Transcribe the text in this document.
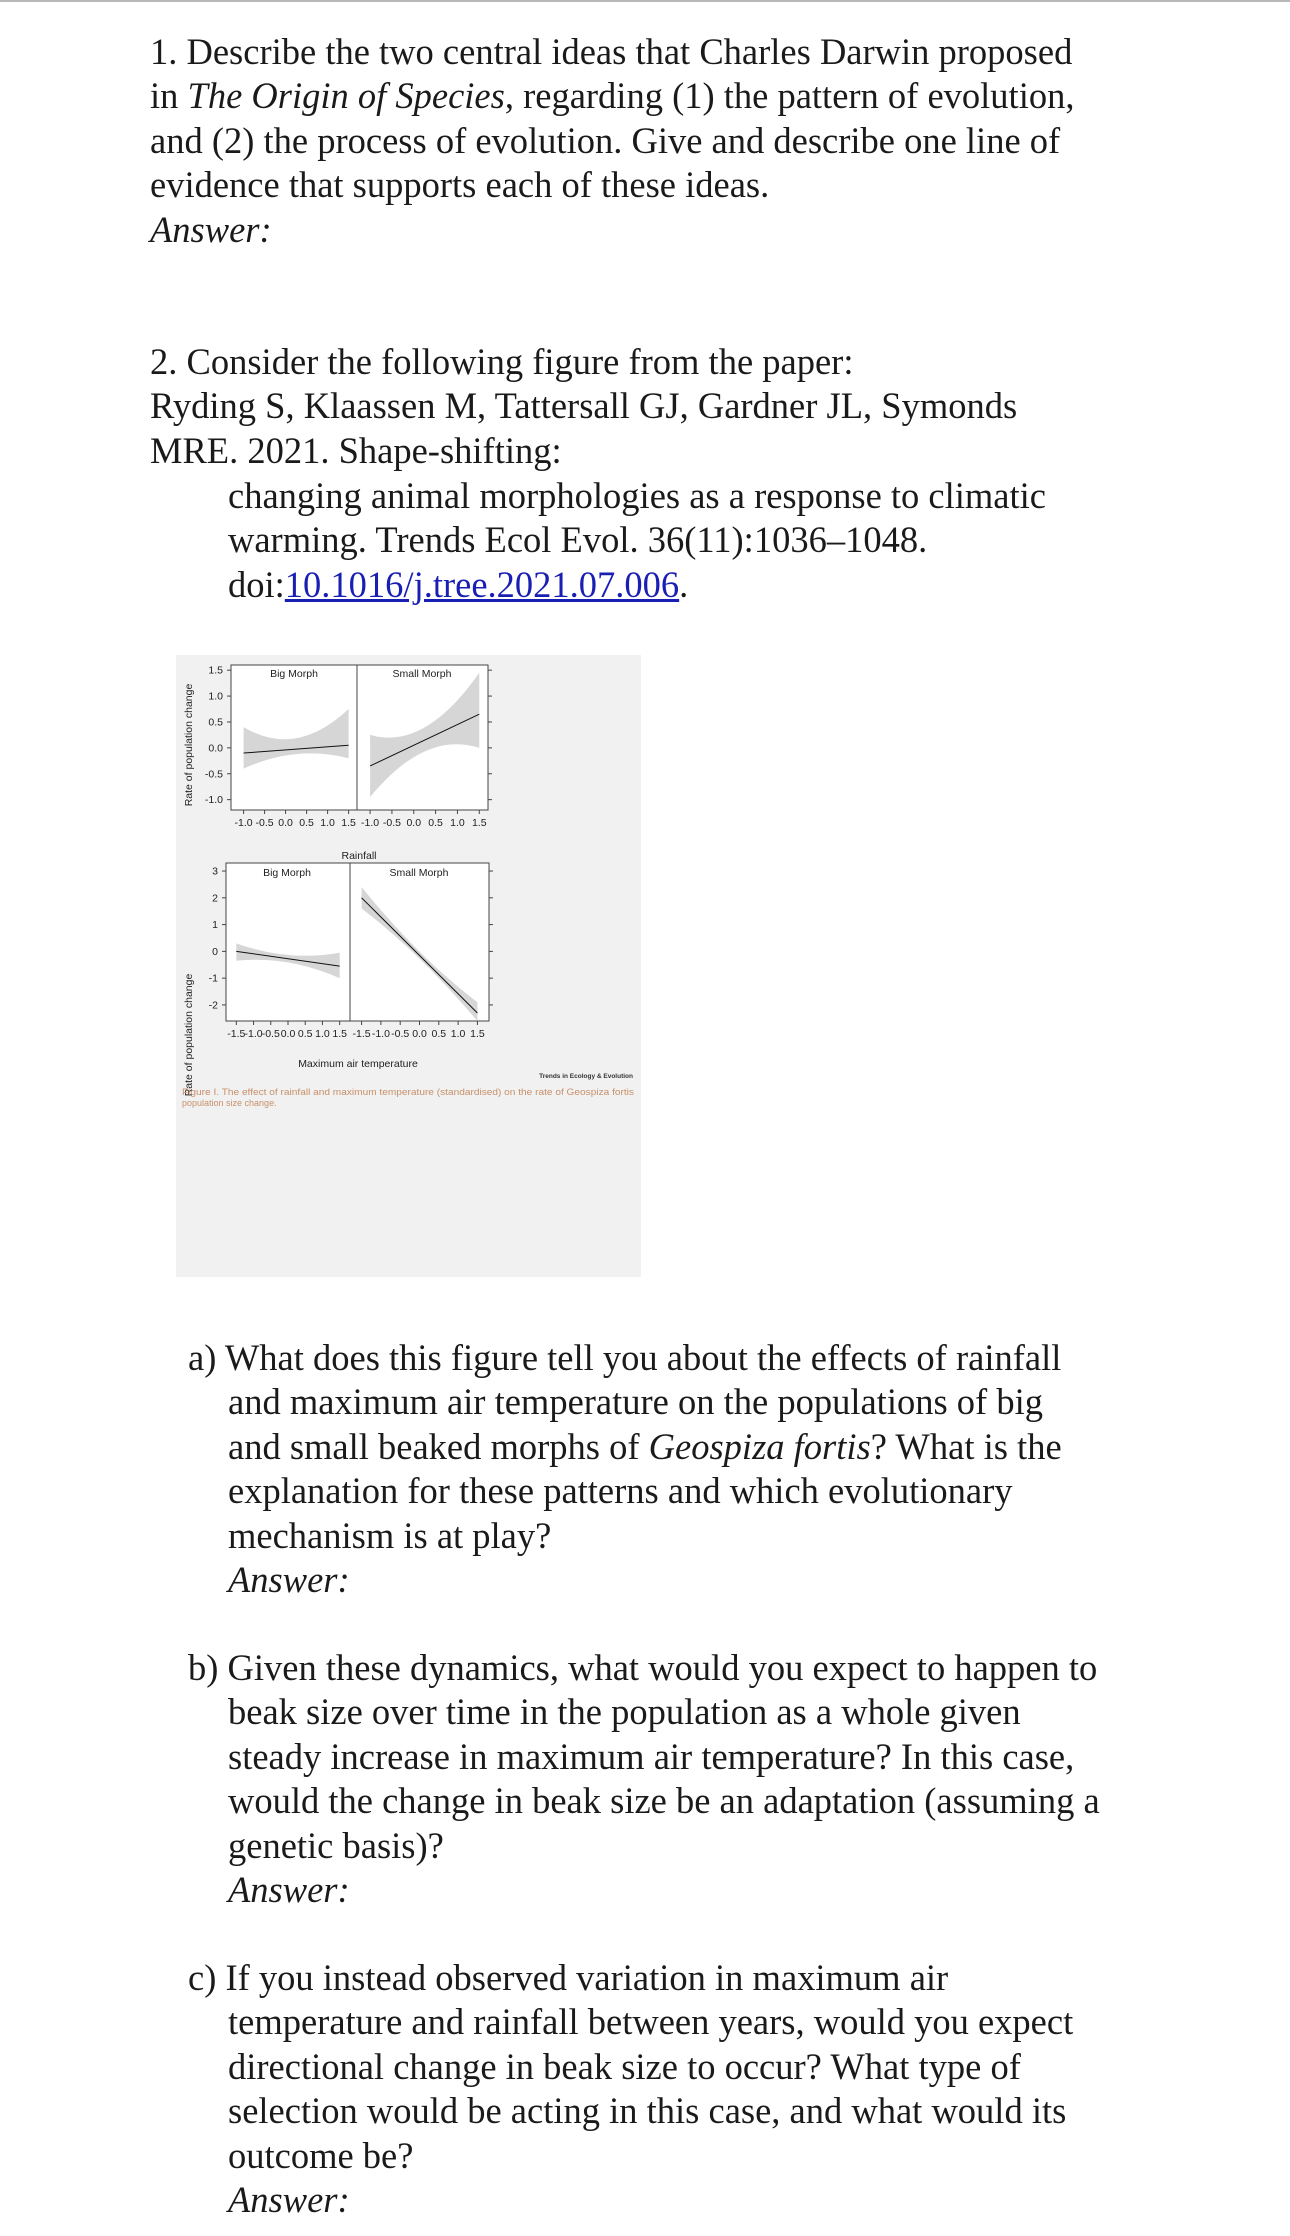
1. Describe the two central ideas that Charles Darwin proposed
in The Origin of Species, regarding (1) the pattern of evolution,
and (2) the process of evolution. Give and describe one line of
evidence that supports each of these ideas.
Answer:
2. Consider the following figure from the paper:
Ryding S, Klaassen M, Tattersall GJ, Gardner JL, Symonds
MRE. 2021. Shape-shifting:
changing animal morphologies as a response to climatic
warming. Trends Ecol Evol. 36(11):1036–1048.
doi:10.1016/j.tree.2021.07.006.
Rate of population change
Rate of population change
Big Morph
1.5
1.0
0.5
0.0
-0.5
-1.0
-1.0 -0.5 0.0 0.5 1.0 1.5
Small Morph
-1.0 -0.5 0.0 0.5 1.0 1.5
Rainfall
Big Morph
3
2
1
0
-1
-2
-1.5 -1.0 -0.5 0.0 0.5 1.0 1.5
Small Morph
-1.5 -1.0 -0.5 0.0 0.5 1.0 1.5
Maximum air temperature
Trends in Ecology & Evolution
Figure I. The effect of rainfall and maximum temperature (standardised) on the rate of Geospiza fortis
population size change.
a) What does this figure tell you about the effects of rainfall
and maximum air temperature on the populations of big
and small beaked morphs of Geospiza fortis? What is the
explanation for these patterns and which evolutionary
mechanism is at play?
Answer:
b) Given these dynamics, what would you expect to happen to
beak size over time in the population as a whole given
steady increase in maximum air temperature? In this case,
would the change in beak size be an adaptation (assuming a
genetic basis)?
Answer:
c) If you instead observed variation in maximum air
temperature and rainfall between years, would you expect
directional change in beak size to occur? What type of
selection would be acting in this case, and what would its
outcome be?
Answer:
